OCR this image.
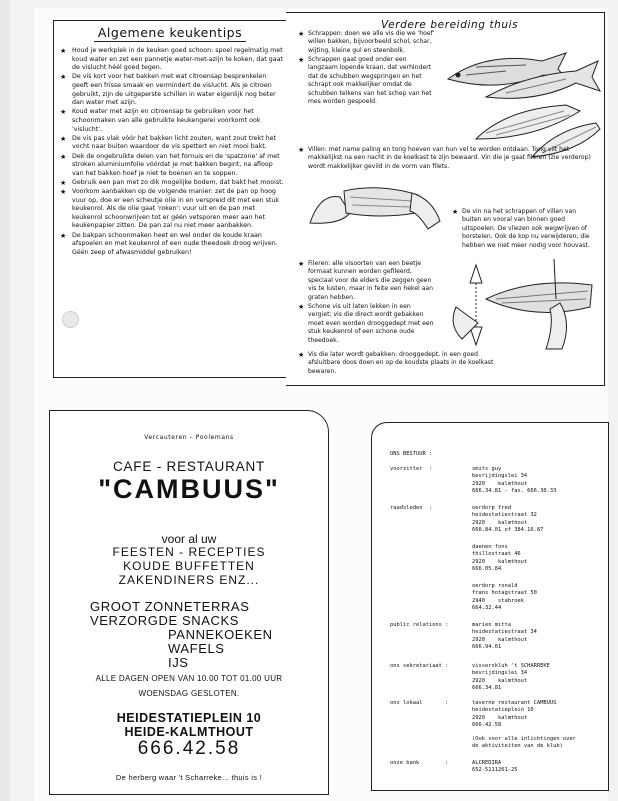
Algemene keukentips
★ Houd je werkplek in de keuken goed schoon: spoel regelmatig met koud water en zet een pannetje water-met-azijn te koken, dat gaat de vislucht héél goed tegen.
★ De vis kort voor het bakken met wat citroensap besprenkelen geeft een frisse smaak en vermindert de vislucht. Als je citroen gebruikt, zijn de uitgeperste schillen in water eigenlijk nog beter dan water met azijn.
★ Koud water met azijn en citroensap te gebruiken voor het schoonmaken van alle gebruikte keukengerei voorkomt ook 'visluchtʼ.
★ De vis pas vlak vóór het bakken licht zouten, want zout trekt het vocht naar buiten waardoor de vis spettert en niet mooi bakt.
★ Dek de ongebruikte delen van het fornuis en de 'spatzone' af met stroken aluminiumfolie vóórdat je met bakken begint, na afloop van het bakken hoef je niet te boenen en te soppen.
★ Gebruik een pan met zo dik mogelijke bodem, dat bakt het mooist.
★ Voorkom aanbakken op de volgende manier: zet de pan op hoog vuur op, doe er een scheutje olie in en verspreid dit met een stuk keukenrol. Als de olie gaat 'roken': vuur uit en de pan met keukenrol schoonwrijven tot er géén vetsporen meer aan het keukenpapier zitten. De pan zal nu niet meer aanbakken.
★ De bakpan schoonmaken heet en wel onder de koude kraan afspoelen en met keukenrol of een oude theedoek droog wrijven. Géén zeep of afwasmiddel gebruiken!
Verdere bereiding thuis
★ Schrappen: doen we alle vis die we 'hoef' willen bakken, bijvoorbeeld schol, schar, wijting, kleine gul en steenbolk.
★ Schrappen gaat goed onder een langzaam lopende kraan, dat verhindert dat de schubben wegspringen en het schrapt ook makkelijker omdat de schubben telkens van het schep van het mes worden gespoeld.
★ Villen: met name paling en tong hoeven van hun vel te worden ontdaan. Tong vilt het makkelijkst na een nacht in de koelkast te zijn bewaard. Vin die je gaat fileren (zie verderop) wordt makkelijker gevild in de vorm van filets.
★ De vin na het schrappen of villen van buiten en vooral van binnen goed uitspoelen. De vliezen ook wegwrijven of borstelen. Ook de kop nu verwijderen, die hebben we niet meer nodig voor houvast.
★ Fileren: alle visoorten van een beetje formaat kunnen worden gefileerd, speciaal voor de elders die zeggen geen vis te lusten, maar in feite een hekel aan graten hebben.
★ Schone vis uit laten lekken in een vergiet; vis die direct wordt gebakken moet even worden drooggedept met een stuk keukenrol of een schone oude theedoek.
★ Vis die later wordt gebakken: drooggedept, in een goed afsluitbare doos doen en op de koudste plaats in de koelkast bewaren.
Vercauteren – Poolemans
CAFE - RESTAURANT
"CAMBUUS"
voor al uw
FEESTEN - RECEPTIES
KOUDE BUFFETTEN
ZAKENDINERS ENZ...
GROOT ZONNETERRAS
VERZORGDE SNACKS
PANNEKOEKEN
WAFELS
IJS
ALLE DAGEN OPEN VAN 10.00 TOT 01.00 UUR
WOENSDAG GESLOTEN.
HEIDESTATIEPLEIN 10
HEIDE-KALMTHOUT
666.42.58
De herberg waar 't Scharreke... thuis is !
ONS BESTUUR :
voorzitter  :	smits guy
bevrijdingslei 34
2920    kalmthout
666.34.81 - fax. 666.30.33
raadsleden  :	oerdorp fred
heidestatiestraat 32
2920    kalmthout
666.84.01 of 384.16.87
daenen fons
thillostraat 46
2920    kalmthout
666.05.84
oerdorp ronald
frans hotagstraat 50
2940    stabroek
664.32.44
public relations :	marien mitta
heidestatiestraat 34
2920    kalmthout
666.94.61
ons sekretariaat :	visserskluh 't SCHARREKE
bevrijdingslei 34
2920    kalmthout
666.34.81
ons lokaal       :	taverne restaurant CAMBUUS
heidestatieplein 10
2920    kalmthout
666.42.58
(Ook voor alle inlichtingen over
de aktiviteiten van de klub)
onze bank        :	ALCREDIRA
652-5111261-25
